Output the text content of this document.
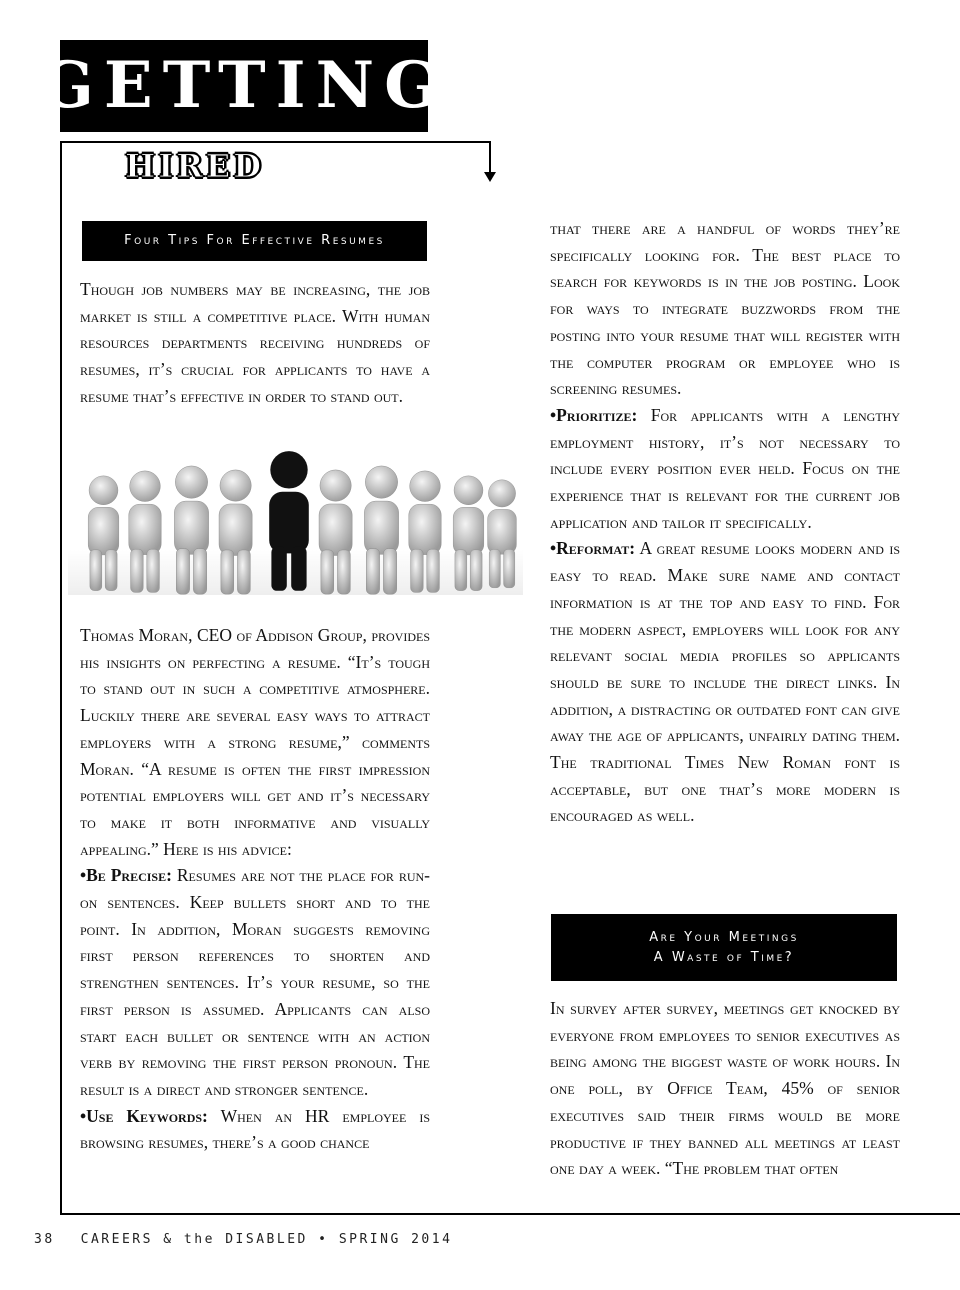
GETTING
HIRED
Four Tips For Effective Resumes

Though job numbers may be increasing, the job market is still a competitive place. With human resources departments receiving hundreds of resumes, it’s crucial for applicants to have a resume that’s effective in order to stand out.

Thomas Moran, CEO of Addison Group, provides his insights on perfecting a resume. “It’s tough to stand out in such a competitive atmosphere. Luckily there are several easy ways to attract employers with a strong resume,” comments Moran. “A resume is often the first impression potential employers will get and it’s necessary to make it both informative and visually appealing.” Here is his advice:

•Be Precise: Resumes are not the place for run-on sentences. Keep bullets short and to the point. In addition, Moran suggests removing first person references to shorten and strengthen sentences. It’s your resume, so the first person is assumed. Applicants can also start each bullet or sentence with an action verb by removing the first person pronoun. The result is a direct and stronger sentence.

•Use Keywords: When an HR employee is browsing resumes, there’s a good chance

that there are a handful of words they’re specifically looking for. The best place to search for keywords is in the job posting. Look for ways to integrate buzzwords from the posting into your resume that will register with the computer program or employee who is screening resumes.

•Prioritize: For applicants with a lengthy employment history, it’s not necessary to include every position ever held. Focus on the experience that is relevant for the current job application and tailor it specifically.

•Reformat: A great resume looks modern and is easy to read. Make sure name and contact information is at the top and easy to find. For the modern aspect, employers will look for any relevant social media profiles so applicants should be sure to include the direct links. In addition, a distracting or outdated font can give away the age of applicants, unfairly dating them. The traditional Times New Roman font is acceptable, but one that’s more modern is encouraged as well.

Are Your Meetings
A Waste of Time?

In survey after survey, meetings get knocked by everyone from employees to senior executives as being among the biggest waste of work hours. In one poll, by Office Team, 45% of senior executives said their firms would be more productive if they banned all meetings at least one day a week. “The problem that often

38 CAREERS & the DISABLED • SPRING 2014
